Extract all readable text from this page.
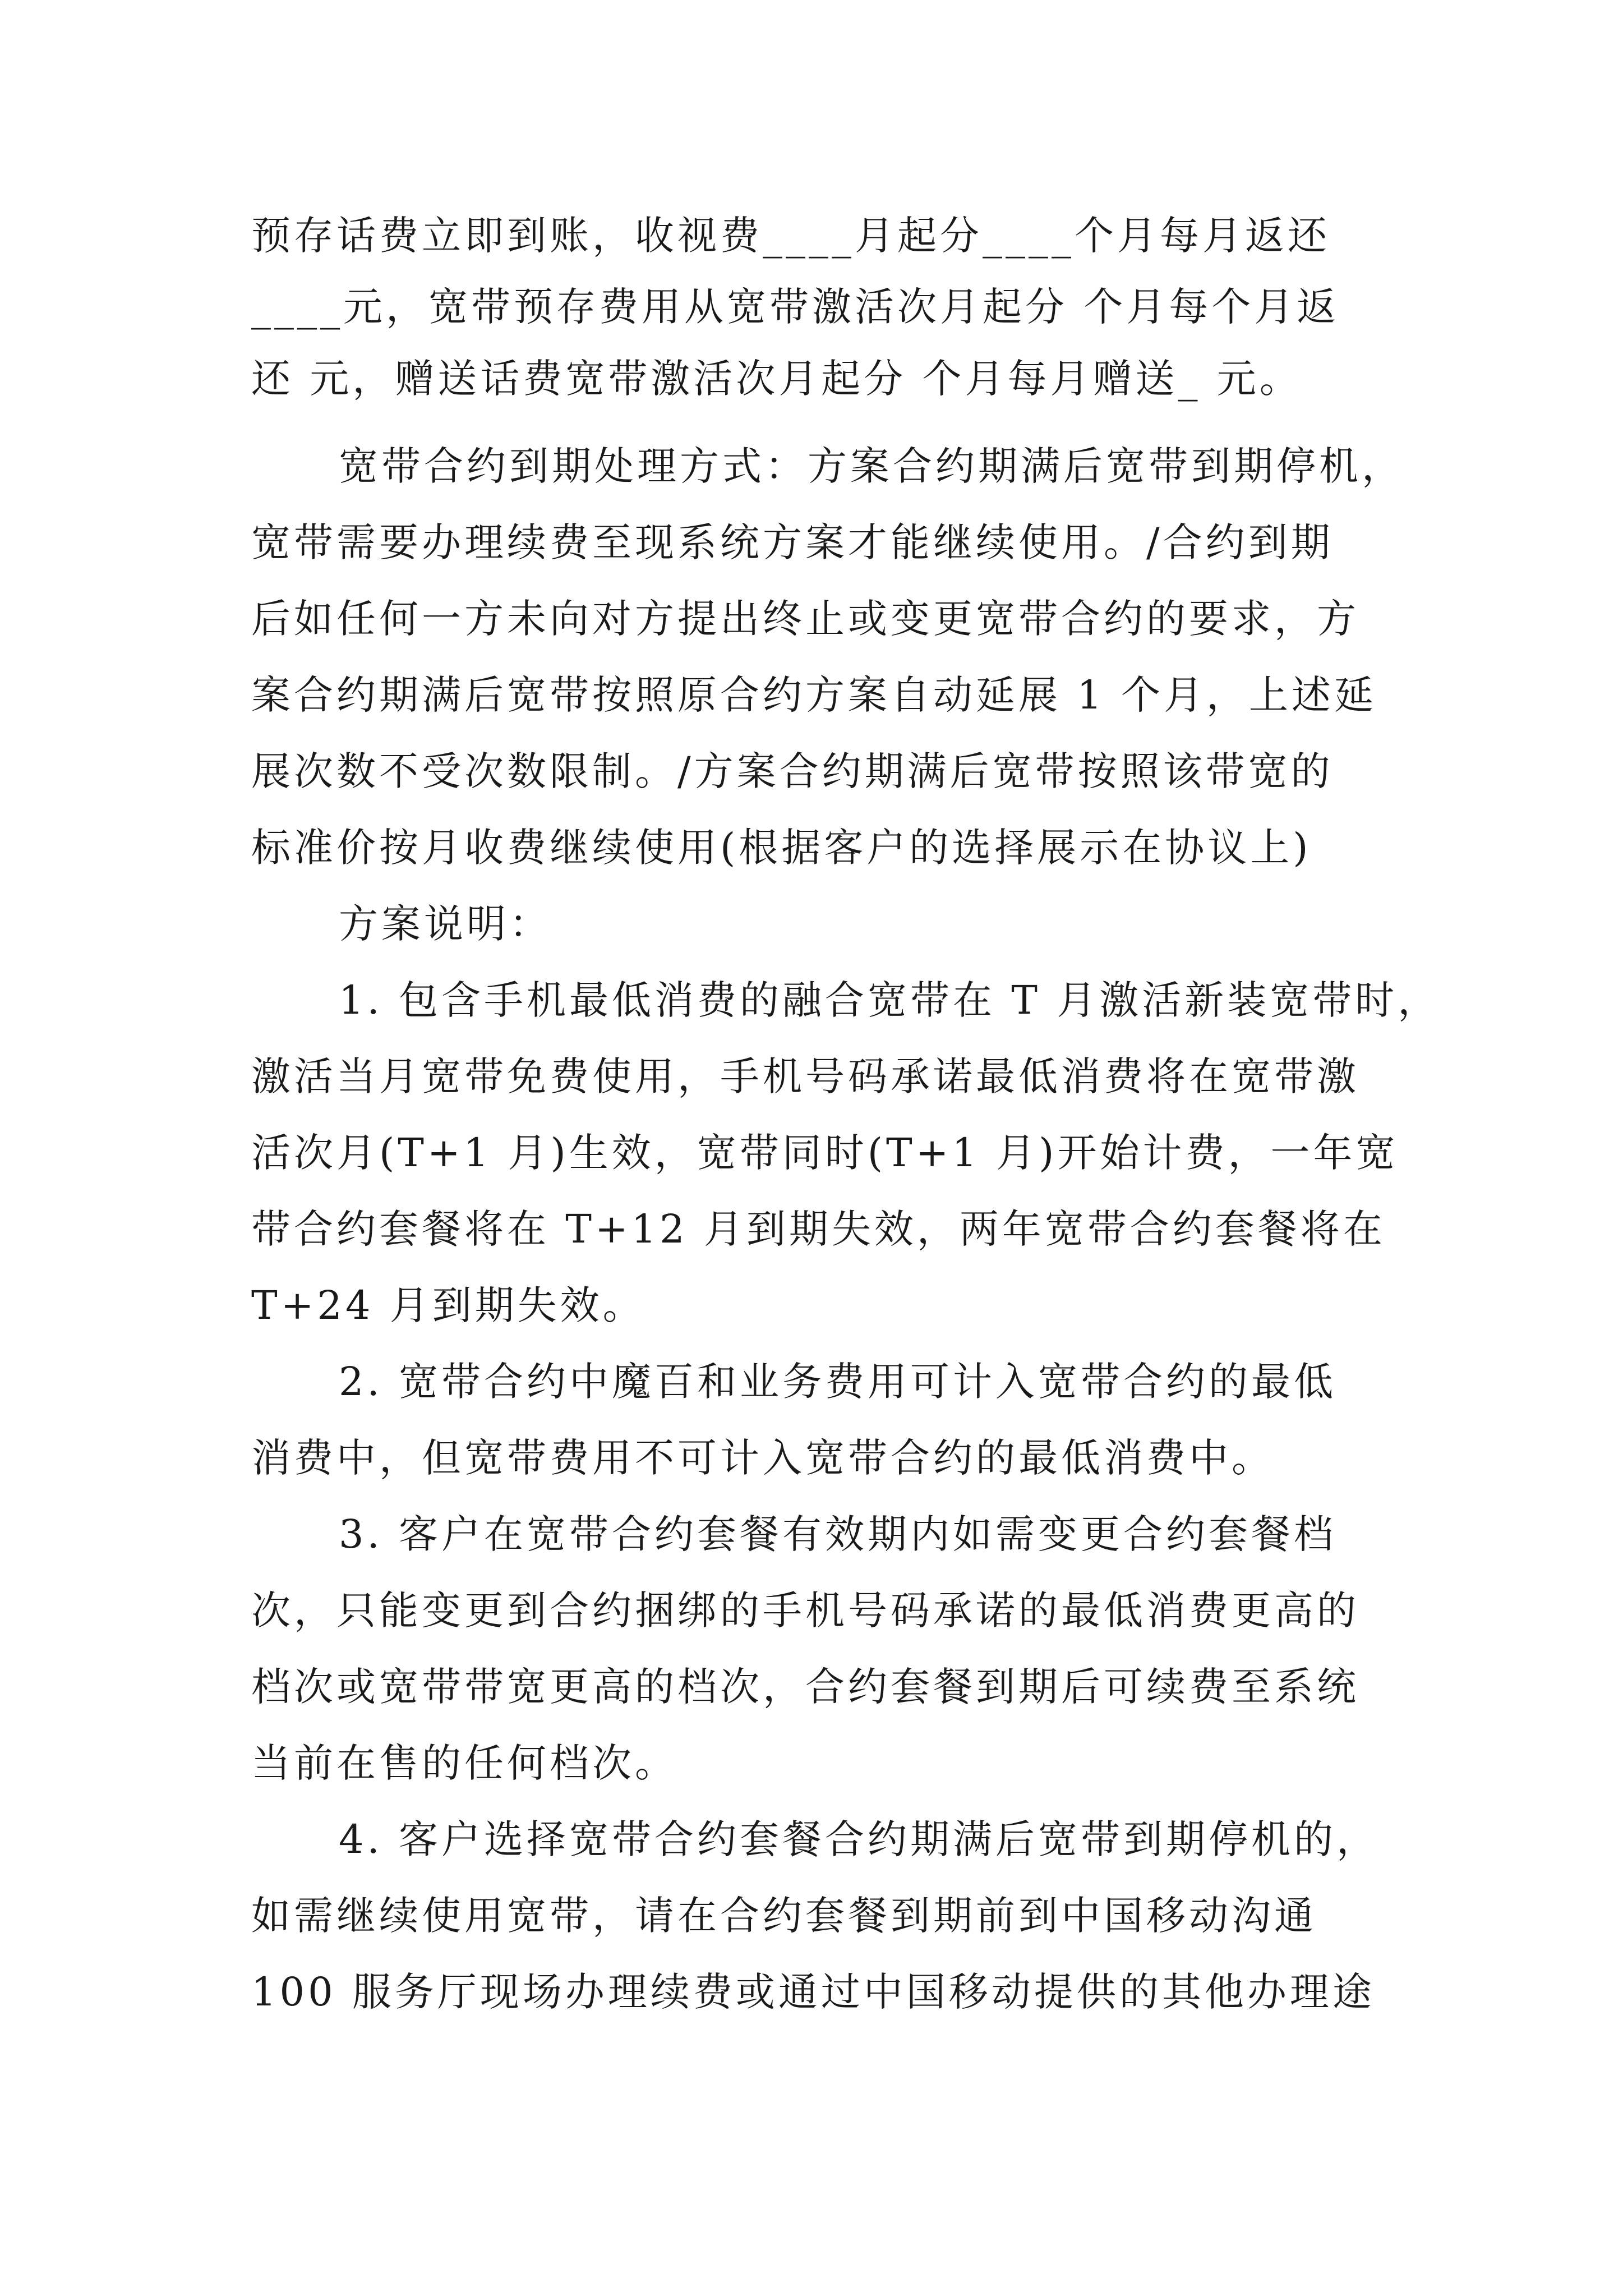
预存话费立即到账，收视费____月起分____个月每月返还
____元，宽带预存费用从宽带激活次月起分 个月每个月返
还 元，赠送话费宽带激活次月起分 个月每月赠送_ 元。
宽带合约到期处理方式：方案合约期满后宽带到期停机，
宽带需要办理续费至现系统方案才能继续使用。/合约到期
后如任何一方未向对方提出终止或变更宽带合约的要求，方
案合约期满后宽带按照原合约方案自动延展 1 个月，上述延
展次数不受次数限制。/方案合约期满后宽带按照该带宽的
标准价按月收费继续使用(根据客户的选择展示在协议上)
方案说明：
1. 包含手机最低消费的融合宽带在 T 月激活新装宽带时，
激活当月宽带免费使用，手机号码承诺最低消费将在宽带激
活次月(T+1 月)生效，宽带同时(T+1 月)开始计费，一年宽
带合约套餐将在 T+12 月到期失效，两年宽带合约套餐将在
T+24 月到期失效。
2. 宽带合约中魔百和业务费用可计入宽带合约的最低
消费中，但宽带费用不可计入宽带合约的最低消费中。
3. 客户在宽带合约套餐有效期内如需变更合约套餐档
次，只能变更到合约捆绑的手机号码承诺的最低消费更高的
档次或宽带带宽更高的档次，合约套餐到期后可续费至系统
当前在售的任何档次。
4. 客户选择宽带合约套餐合约期满后宽带到期停机的，
如需继续使用宽带，请在合约套餐到期前到中国移动沟通
100 服务厅现场办理续费或通过中国移动提供的其他办理途
